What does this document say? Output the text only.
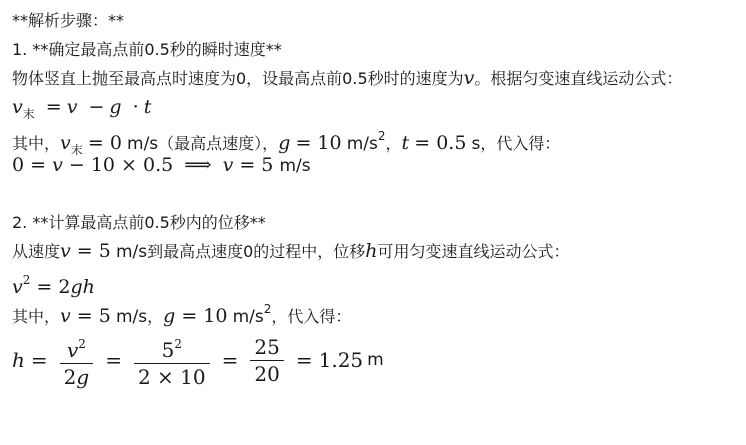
**解析步骤：**
1. **确定最高点前0.5秒的瞬时速度**
物体竖直上抛至最高点时速度为0，设最高点前0.5秒时的速度为v。根据匀变速直线运动公式：
$v_末 = v - g \cdot t$
其中，$v_末 = 0$ m/s（最高点速度），g = 10 $m/s^2$，t = 0.5 s，代入得：
0 = v − 10 × 0.5 ⟹ v = 5 m/s
2. **计算最高点前0.5秒内的位移**
从速度v = 5 m/s到最高点速度0的过程中，位移h可用匀变速直线运动公式：
$v^2 = 2gh$
其中，v = 5 m/s，g = 10 $m/s^2$，代入得：
$h = \frac{v^2}{2g} = \frac{5^2}{2 \times 10} = \frac{25}{20} = 1.25$ m
